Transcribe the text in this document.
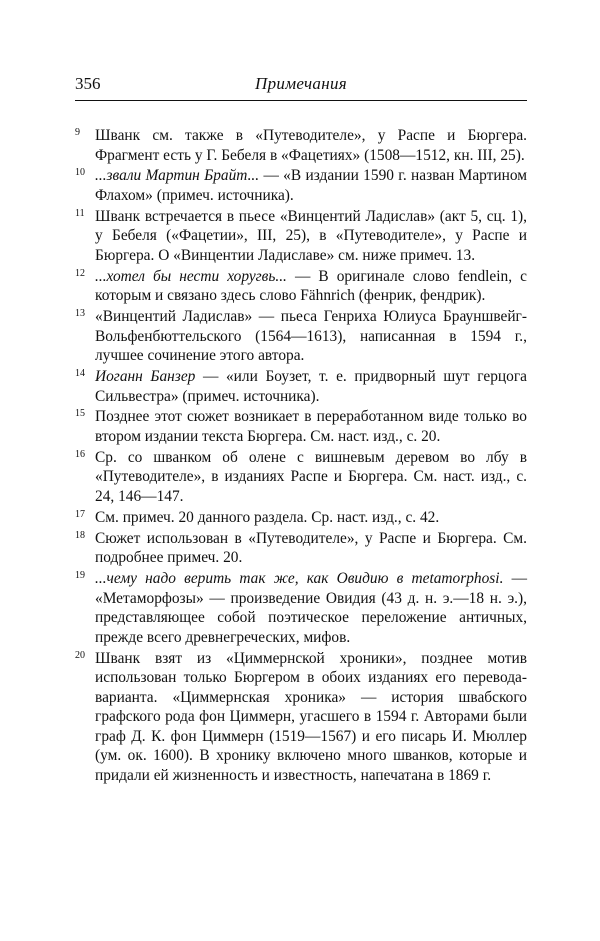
356	Примечания
9 Шванк см. также в «Путеводителе», у Распе и Бюргера. Фрагмент есть у Г. Бебеля в «Фацетиях» (1508—1512, кн. III, 25).
10 ...звали Мартин Брайт... — «В издании 1590 г. назван Мартином Флахом» (примеч. источника).
11 Шванк встречается в пьесе «Винцентий Ладислав» (акт 5, сц. 1), у Бебеля («Фацетии», III, 25), в «Путеводителе», у Распе и Бюргера. О «Винцентии Ладиславе» см. ниже примеч. 13.
12 ...хотел бы нести хоругвь... — В оригинале слово fendlein, с которым и связано здесь слово Fähnrich (фенрик, фендрик).
13 «Винцентий Ладислав» — пьеса Генриха Юлиуса Брауншвейг-Вольфенбюттельского (1564—1613), написанная в 1594 г., лучшее сочинение этого автора.
14 Иоганн Банзер — «или Боузет, т. е. придворный шут герцога Сильвестра» (примеч. источника).
15 Позднее этот сюжет возникает в переработанном виде только во втором издании текста Бюргера. См. наст. изд., с. 20.
16 Ср. со шванком об олене с вишневым деревом во лбу в «Путеводителе», в изданиях Распе и Бюргера. См. наст. изд., с. 24, 146—147.
17 См. примеч. 20 данного раздела. Ср. наст. изд., с. 42.
18 Сюжет использован в «Путеводителе», у Распе и Бюргера. См. подробнее примеч. 20.
19 ...чему надо верить так же, как Овидию в metamorphosi. — «Метаморфозы» — произведение Овидия (43 д. н. э.—18 н. э.), представляющее собой поэтическое переложение античных, прежде всего древнегреческих, мифов.
20 Шванк взят из «Циммернской хроники», позднее мотив использован только Бюргером в обоих изданиях его перевода-варианта. «Циммернская хроника» — история швабского графского рода фон Циммерн, угасшего в 1594 г. Авторами были граф Д. К. фон Циммерн (1519—1567) и его писарь И. Мюллер (ум. ок. 1600). В хронику включено много шванков, которые и придали ей жизненность и известность, напечатана в 1869 г.
